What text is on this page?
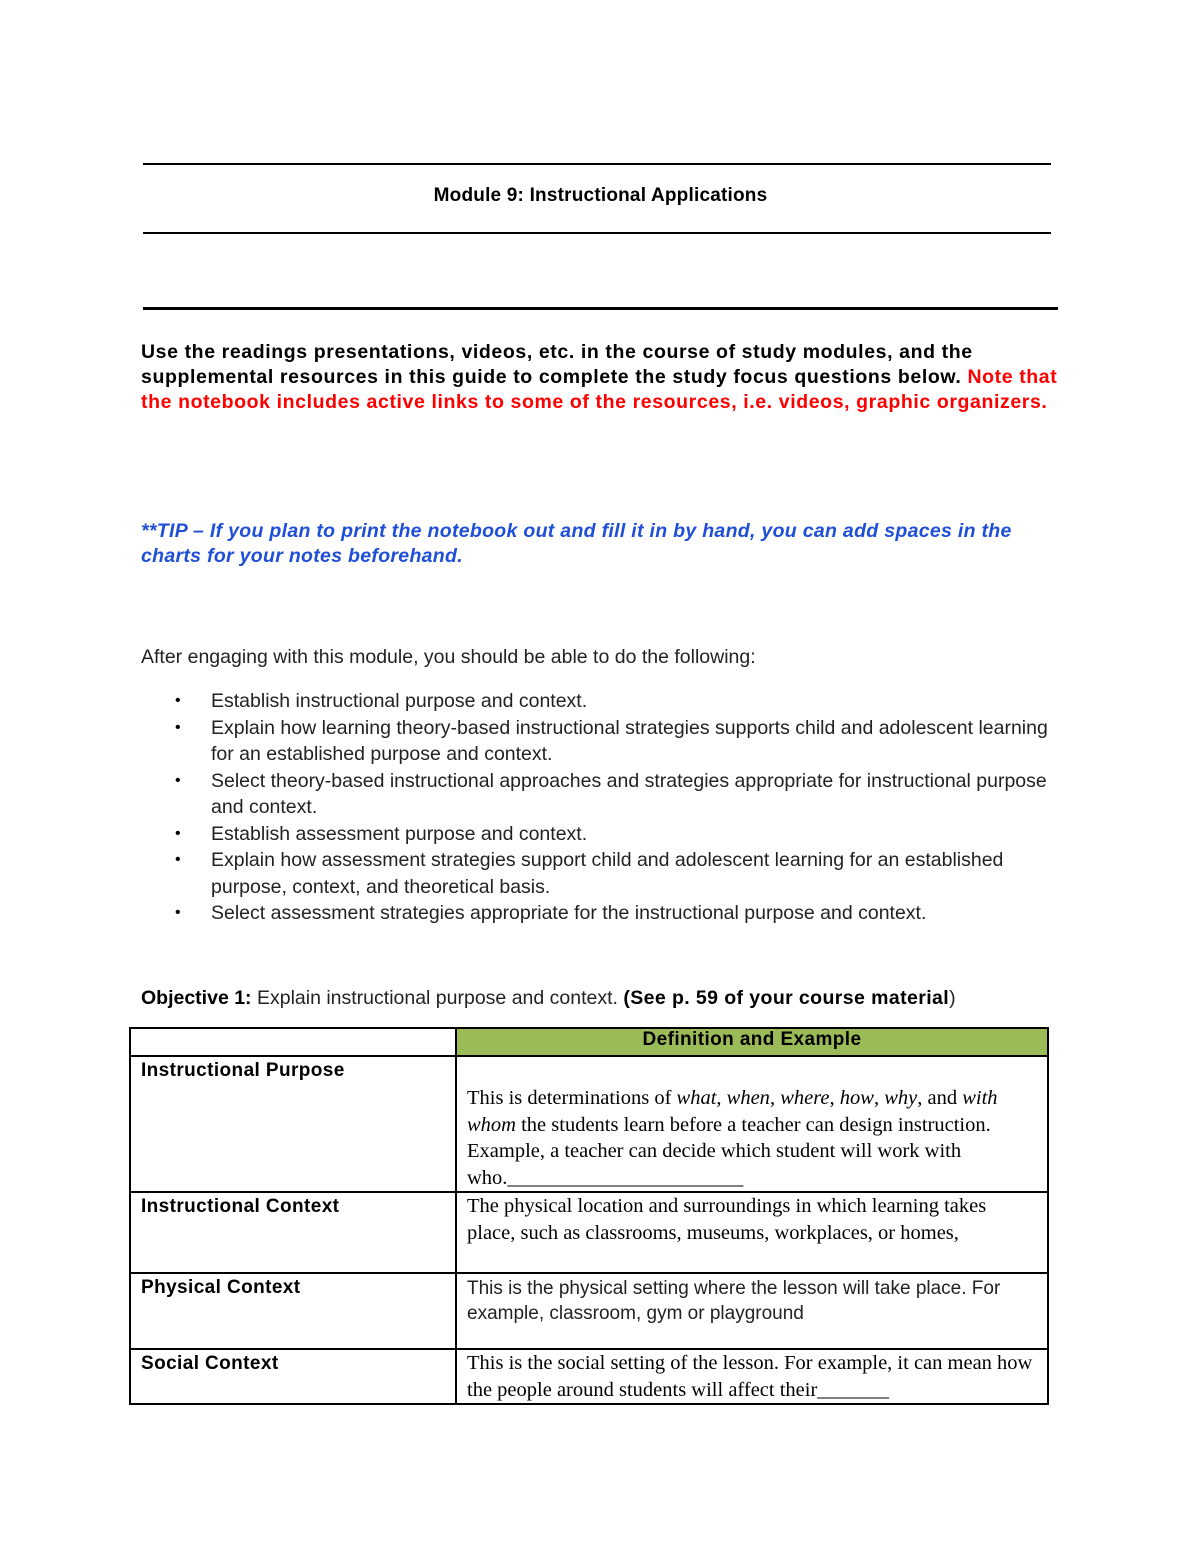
Module 9: Instructional Applications
Use the readings presentations, videos, etc. in the course of study modules, and the supplemental resources in this guide to complete the study focus questions below. Note that the notebook includes active links to some of the resources, i.e. videos, graphic organizers.
**TIP – If you plan to print the notebook out and fill it in by hand, you can add spaces in the charts for your notes beforehand.
After engaging with this module, you should be able to do the following:
•	Establish instructional purpose and context.
•	Explain how learning theory-based instructional strategies supports child and adolescent learning for an established purpose and context.
•	Select theory-based instructional approaches and strategies appropriate for instructional purpose and context.
•	Establish assessment purpose and context.
•	Explain how assessment strategies support child and adolescent learning for an established purpose, context, and theoretical basis.
•	Select assessment strategies appropriate for the instructional purpose and context.
Objective 1: Explain instructional purpose and context. (See p. 59 of your course material)
	Definition and Example
Instructional Purpose	This is determinations of what, when, where, how, why, and with whom the students learn before a teacher can design instruction. Example, a teacher can decide which student will work with who._______________________

Instructional Context	The physical location and surroundings in which learning takes place, such as classrooms, museums, workplaces, or homes,

Physical Context	This is the physical setting where the lesson will take place. For example, classroom, gym or playground

Social Context	This is the social setting of the lesson. For example, it can mean how the people around students will affect their_______
